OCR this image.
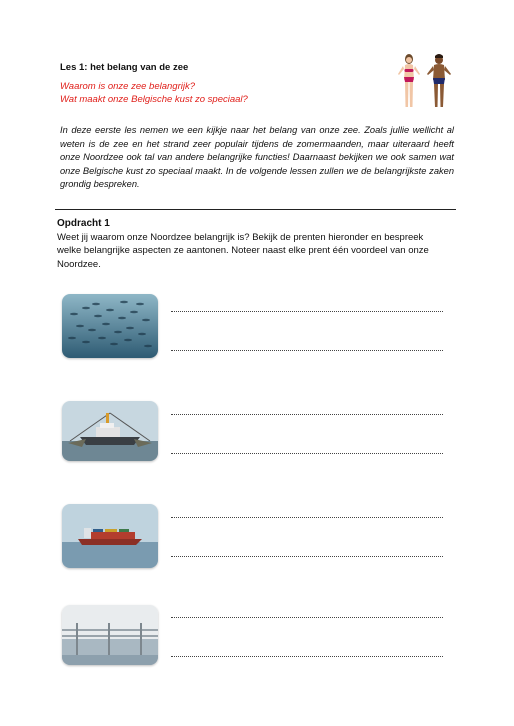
Les 1: het belang van de zee
Waarom is onze zee belangrijk?
Wat maakt onze Belgische kust zo speciaal?
In deze eerste les nemen we een kijkje naar het belang van onze zee. Zoals jullie wellicht al weten is de zee en het strand zeer populair tijdens de zomermaanden, maar uiteraard heeft onze Noordzee ook tal van andere belangrijke functies! Daarnaast bekijken we ook samen wat onze Belgische kust zo speciaal maakt. In de volgende lessen zullen we de belangrijkste zaken grondig bespreken.
Opdracht 1
Weet jij waarom onze Noordzee belangrijk is? Bekijk de prenten hieronder en bespreek welke belangrijke aspecten ze aantonen. Noteer naast elke prent één voordeel van onze Noordzee.
